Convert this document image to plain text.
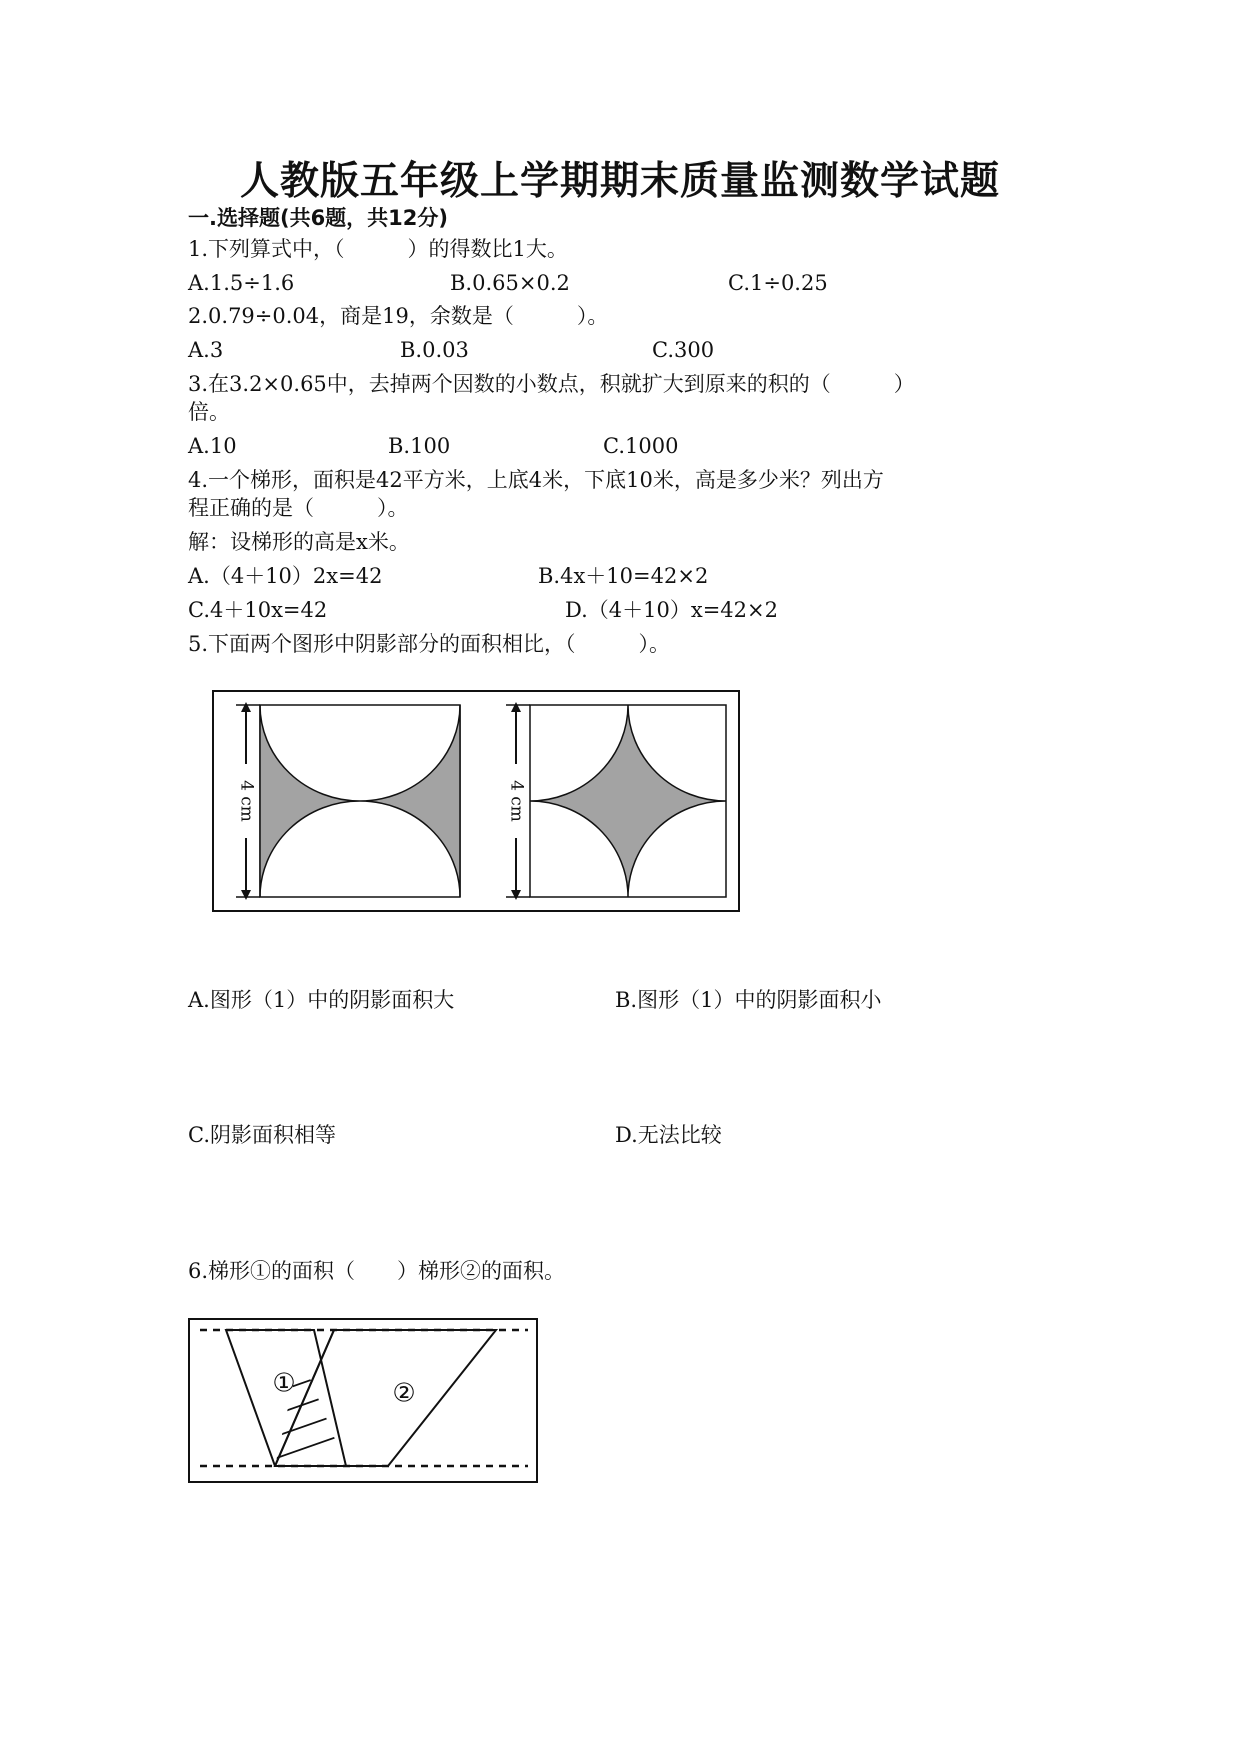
人教版五年级上学期期末质量监测数学试题
一.选择题(共6题，共12分)
1.下列算式中，（　　　）的得数比1大。
A.1.5÷1.6	B.0.65×0.2	C.1÷0.25
2.0.79÷0.04，商是19，余数是（　　　）。
A.3	B.0.03	C.300
3.在3.2×0.65中，去掉两个因数的小数点，积就扩大到原来的积的（　　　）
倍。
A.10	B.100	C.1000
4.一个梯形，面积是42平方米，上底4米，下底10米，高是多少米？列出方
程正确的是（　　　）。
解：设梯形的高是x米。
A.（4＋10）2x=42	B.4x＋10=42×2
C.4＋10x=42	D.（4＋10）x=42×2
5.下面两个图形中阴影部分的面积相比，（　　　）。
4 cm	4 cm
A.图形（1）中的阴影面积大	B.图形（1）中的阴影面积小
C.阴影面积相等	D.无法比较
6.梯形①的面积（　　）梯形②的面积。
①	②
